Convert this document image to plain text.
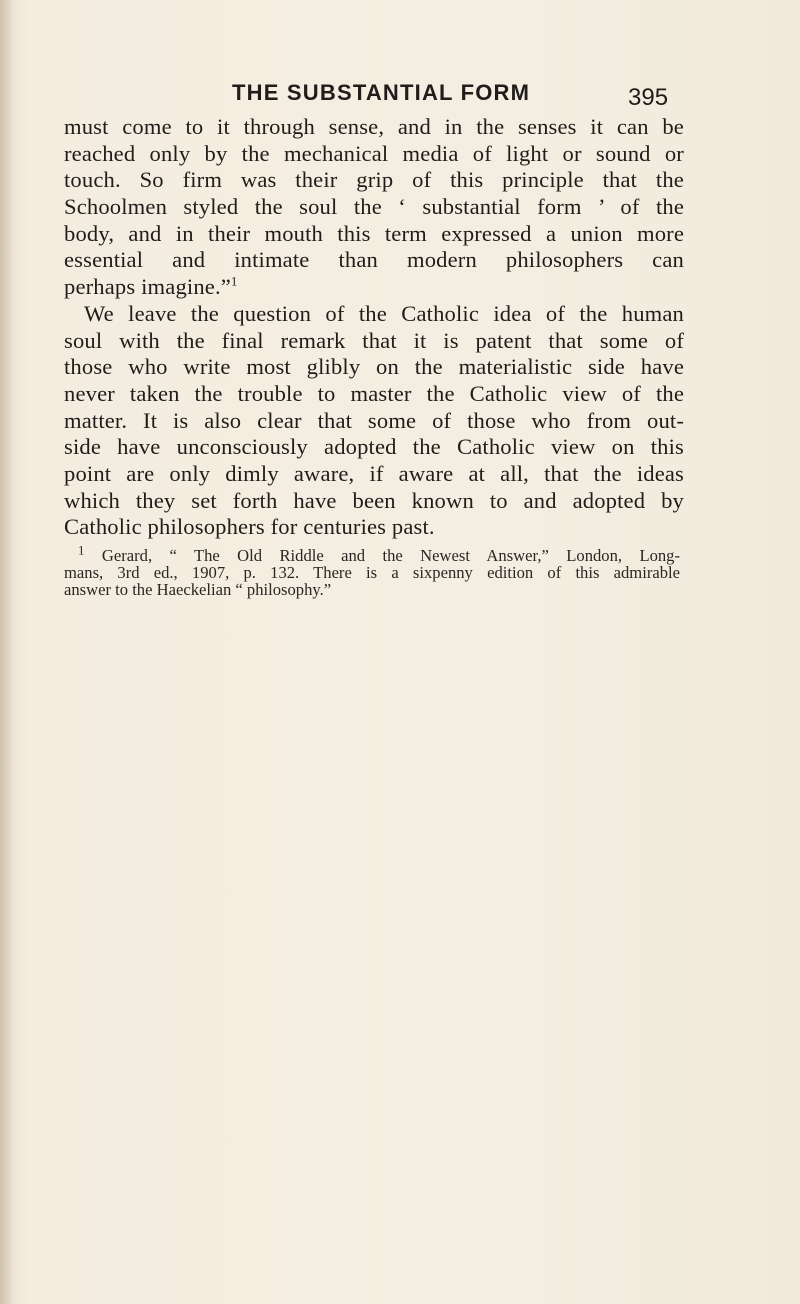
THE SUBSTANTIAL FORM	395
must come to it through sense, and in the senses it can be
reached only by the mechanical media of light or sound or
touch. So firm was their grip of this principle that the
Schoolmen styled the soul the ‘ substantial form ’ of the
body, and in their mouth this term expressed a union more
essential and intimate than modern philosophers can
perhaps imagine.”$^1$
We leave the question of the Catholic idea of the human
soul with the final remark that it is patent that some of
those who write most glibly on the materialistic side have
never taken the trouble to master the Catholic view of the
matter. It is also clear that some of those who from out-
side have unconsciously adopted the Catholic view on this
point are only dimly aware, if aware at all, that the ideas
which they set forth have been known to and adopted by
Catholic philosophers for centuries past.
$^1$ Gerard, “ The Old Riddle and the Newest Answer,” London, Long-
mans, 3rd ed., 1907, p. 132. There is a sixpenny edition of this admirable
answer to the Haeckelian “ philosophy.”
